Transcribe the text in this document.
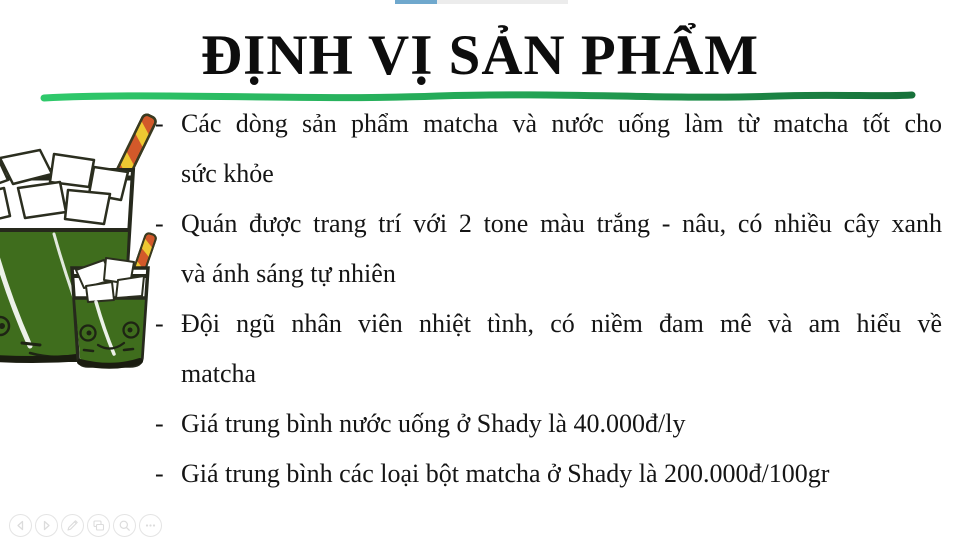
ĐỊNH VỊ SẢN PHẨM
- Các dòng sản phẩm matcha và nước uống làm từ matcha tốt cho
sức khỏe
- Quán được trang trí với 2 tone màu trắng - nâu, có nhiều cây xanh
và ánh sáng tự nhiên
- Đội ngũ nhân viên nhiệt tình, có niềm đam mê và am hiểu về
matcha
- Giá trung bình nước uống ở Shady là 40.000đ/ly
- Giá trung bình các loại bột matcha ở Shady là 200.000đ/100gr
